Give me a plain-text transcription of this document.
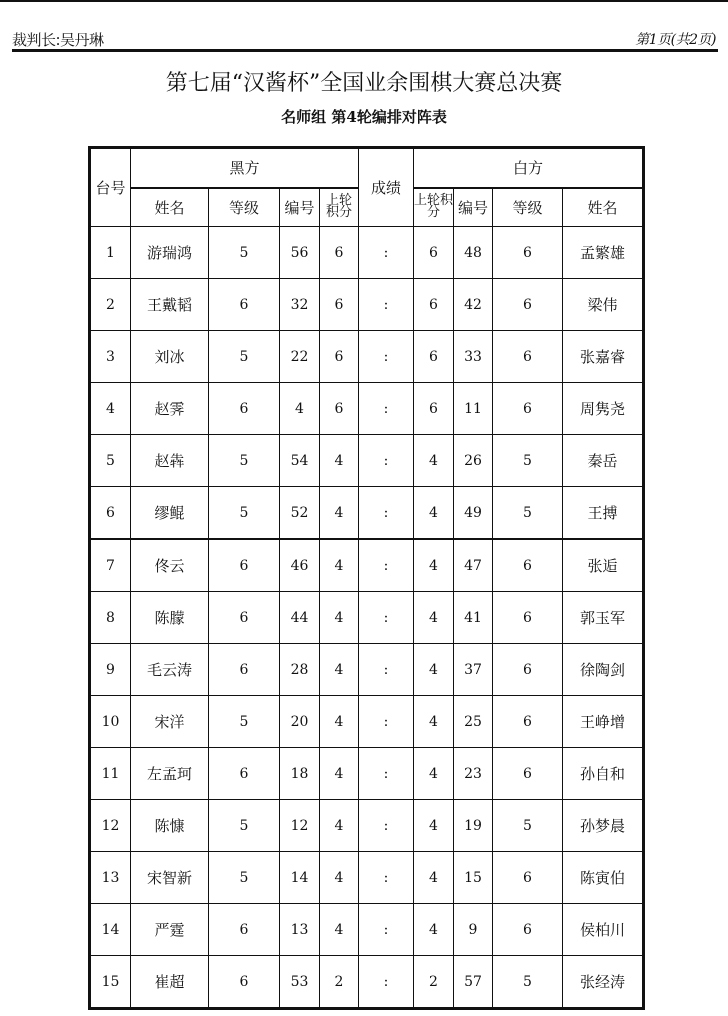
裁判长:吴丹琳	第1页(共2页)
第七届“汉酱杯”全国业余围棋大赛总决赛
名师组 第4轮编排对阵表
台号	黑方				成绩	白方			
	姓名	等级	编号	上轮积分		上轮积分	编号	等级	姓名
1	游瑞鸿	5	56	6	:	6	48	6	孟繁雄
2	王戴韬	6	32	6	:	6	42	6	梁伟
3	刘冰	5	22	6	:	6	33	6	张嘉睿
4	赵霁	6	4	6	:	6	11	6	周隽尧
5	赵犇	5	54	4	:	4	26	5	秦岳
6	缪鲲	5	52	4	:	4	49	5	王搏
7	佟云	6	46	4	:	4	47	6	张逅
8	陈朦	6	44	4	:	4	41	6	郭玉军
9	毛云涛	6	28	4	:	4	37	6	徐陶剑
10	宋洋	5	20	4	:	4	25	6	王峥增
11	左孟珂	6	18	4	:	4	23	6	孙自和
12	陈慷	5	12	4	:	4	19	5	孙梦晨
13	宋智新	5	14	4	:	4	15	6	陈寅伯
14	严霆	6	13	4	:	4	9	6	侯柏川
15	崔超	6	53	2	:	2	57	5	张经涛
